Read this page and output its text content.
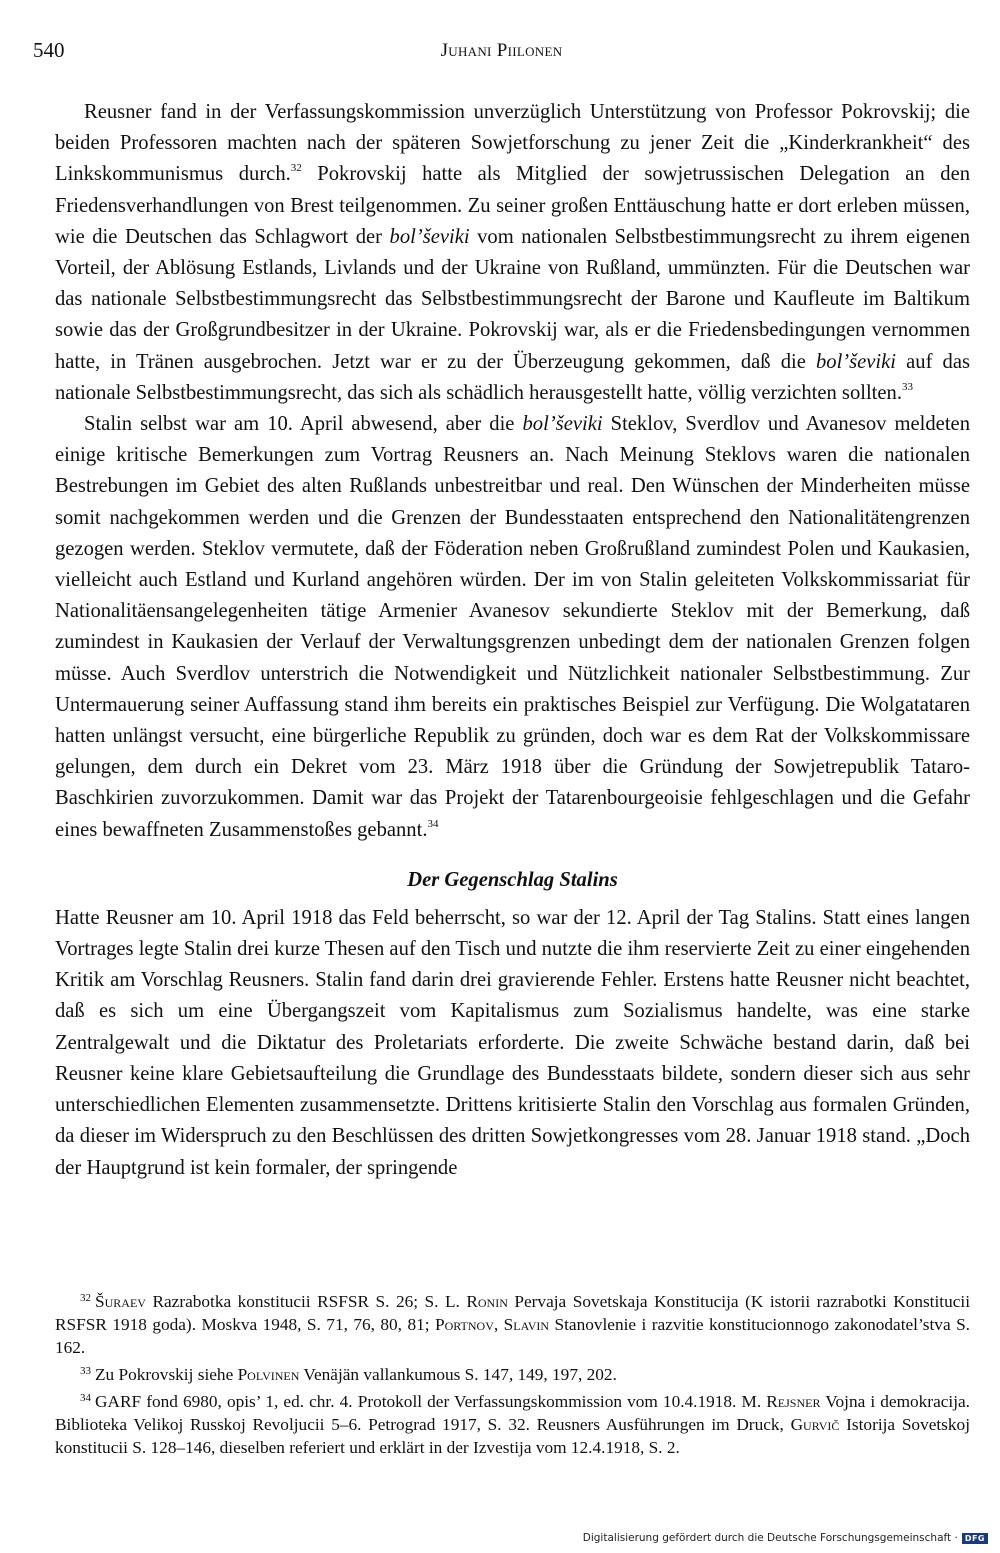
540	Juhani Piilonen

Reusner fand in der Verfassungskommission unverzüglich Unterstützung von Professor Pokrovskij; die beiden Professoren machten nach der späteren Sowjetforschung zu jener Zeit die „Kinderkrankheit“ des Linkskommunismus durch.$^{32}$ Pokrovskij hatte als Mitglied der sowjetrussischen Delegation an den Friedensverhandlungen von Brest teilgenommen. Zu seiner großen Enttäuschung hatte er dort erleben müssen, wie die Deutschen das Schlagwort der bol’ševiki vom nationalen Selbstbestimmungsrecht zu ihrem eigenen Vorteil, der Ablösung Estlands, Livlands und der Ukraine von Rußland, ummünzten. Für die Deutschen war das nationale Selbstbestimmungsrecht das Selbstbestimmungsrecht der Barone und Kaufleute im Baltikum sowie das der Großgrundbesitzer in der Ukraine. Pokrovskij war, als er die Friedensbedingungen vernommen hatte, in Tränen ausgebrochen. Jetzt war er zu der Überzeugung gekommen, daß die bol’ševiki auf das nationale Selbstbestimmungsrecht, das sich als schädlich herausgestellt hatte, völlig verzichten sollten.$^{33}$

Stalin selbst war am 10. April abwesend, aber die bol’ševiki Steklov, Sverdlov und Avanesov meldeten einige kritische Bemerkungen zum Vortrag Reusners an. Nach Meinung Steklovs waren die nationalen Bestrebungen im Gebiet des alten Rußlands unbestreitbar und real. Den Wünschen der Minderheiten müsse somit nachgekommen werden und die Grenzen der Bundesstaaten entsprechend den Nationalitätengrenzen gezogen werden. Steklov vermutete, daß der Föderation neben Großrußland zumindest Polen und Kaukasien, vielleicht auch Estland und Kurland angehören würden. Der im von Stalin geleiteten Volkskommissariat für Nationalitäensangelegenheiten tätige Armenier Avanesov sekundierte Steklov mit der Bemerkung, daß zumindest in Kaukasien der Verlauf der Verwaltungsgrenzen unbedingt dem der nationalen Grenzen folgen müsse. Auch Sverdlov unterstrich die Notwendigkeit und Nützlichkeit nationaler Selbstbestimmung. Zur Untermauerung seiner Auffassung stand ihm bereits ein praktisches Beispiel zur Verfügung. Die Wolgatataren hatten unlängst versucht, eine bürgerliche Republik zu gründen, doch war es dem Rat der Volkskommissare gelungen, dem durch ein Dekret vom 23. März 1918 über die Gründung der Sowjetrepublik Tataro-Baschkirien zuvorzukommen. Damit war das Projekt der Tatarenbourgeoisie fehlgeschlagen und die Gefahr eines bewaffneten Zusammenstoßes gebannt.$^{34}$

Der Gegenschlag Stalins

Hatte Reusner am 10. April 1918 das Feld beherrscht, so war der 12. April der Tag Stalins. Statt eines langen Vortrages legte Stalin drei kurze Thesen auf den Tisch und nutzte die ihm reservierte Zeit zu einer eingehenden Kritik am Vorschlag Reusners. Stalin fand darin drei gravierende Fehler. Erstens hatte Reusner nicht beachtet, daß es sich um eine Übergangszeit vom Kapitalismus zum Sozialismus handelte, was eine starke Zentralgewalt und die Diktatur des Proletariats erforderte. Die zweite Schwäche bestand darin, daß bei Reusner keine klare Gebietsaufteilung die Grundlage des Bundesstaats bildete, sondern dieser sich aus sehr unterschiedlichen Elementen zusammensetzte. Drittens kritisierte Stalin den Vorschlag aus formalen Gründen, da dieser im Widerspruch zu den Beschlüssen des dritten Sowjetkongresses vom 28. Januar 1918 stand. „Doch der Hauptgrund ist kein formaler, der springende

$^{32}$ Šuraev Razrabotka konstitucii RSFSR S. 26; S. L. Ronin Pervaja Sovetskaja Konstitucija (K istorii razrabotki Konstitucii RSFSR 1918 goda). Moskva 1948, S. 71, 76, 80, 81; Portnov, Slavin Stanovlenie i razvitie konstitucionnogo zakonodatel’stva S. 162.

$^{33}$ Zu Pokrovskij siehe Polvinen Venäjän vallankumous S. 147, 149, 197, 202.

$^{34}$ GARF fond 6980, opis’ 1, ed. chr. 4. Protokoll der Verfassungskommission vom 10.4.1918. M. Rejsner Vojna i demokracija. Biblioteka Velikoj Russkoj Revoljucii 5–6. Petrograd 1917, S. 32. Reusners Ausführungen im Druck, Gurvič Istorija Sovetskoj konstitucii S. 128–146, dieselben referiert und erklärt in der Izvestija vom 12.4.1918, S. 2.

Digitalisierung gefördert durch die Deutsche Forschungsgemeinschaft · DFG
